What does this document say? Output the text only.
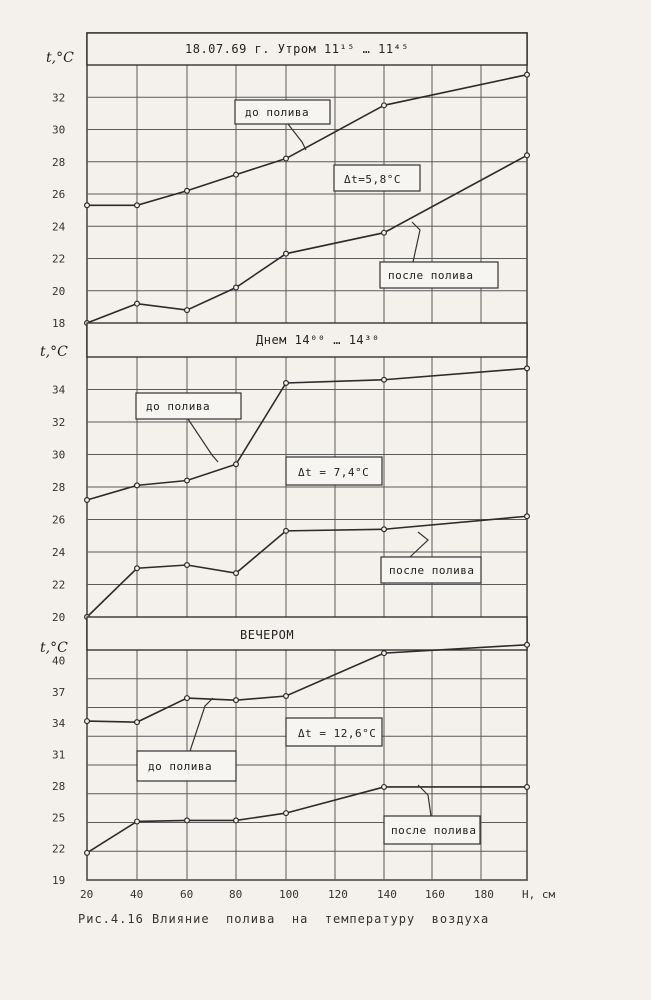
18.07.69 г. Утром 11¹⁵ … 11⁴⁵
t,°C
18
20
22
24
26
28
30
32
до полива
после полива
Δt=5,8°C
Днем 14⁰⁰ … 14³⁰
t,°C
20
22
24
26
28
30
32
34
до полива
после полива
Δt = 7,4°C
ВЕЧЕРОМ
t,°C
19
22
25
28
31
34
37
40
до полива
после полива
Δt = 12,6°C
20	40	60	80	100	120	140	160	180	Н, см
Рис.4.16 Влияние  полива  на  температуру  воздуха
